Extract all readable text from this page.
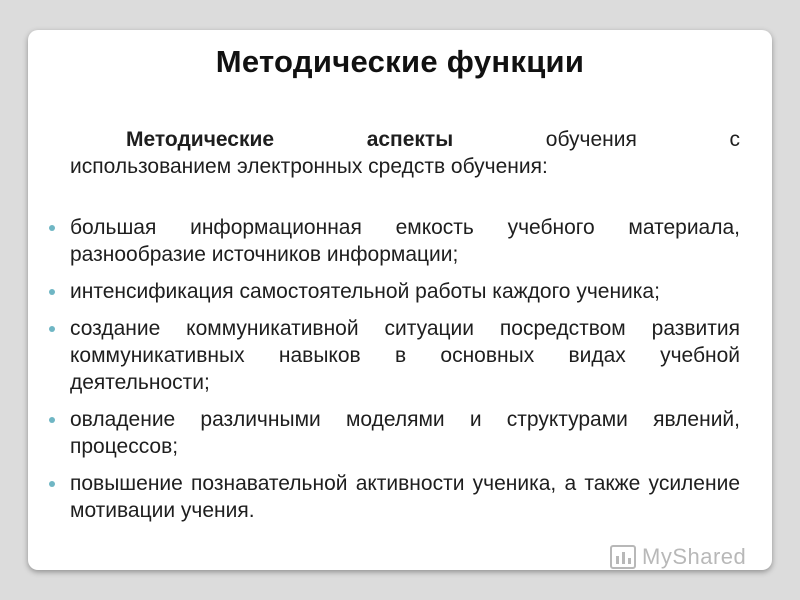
Методические функции
Методические	аспекты	обучения	с
использованием электронных средств обучения:
большая информационная емкость учебного материала, разнообразие источников информации;
интенсификация самостоятельной работы каждого ученика;
создание коммуникативной ситуации посредством развития коммуникативных навыков в основных видах учебной деятельности;
овладение различными моделями и структурами явлений, процессов;
повышение познавательной активности ученика, а также усиление мотивации учения.
MyShared
